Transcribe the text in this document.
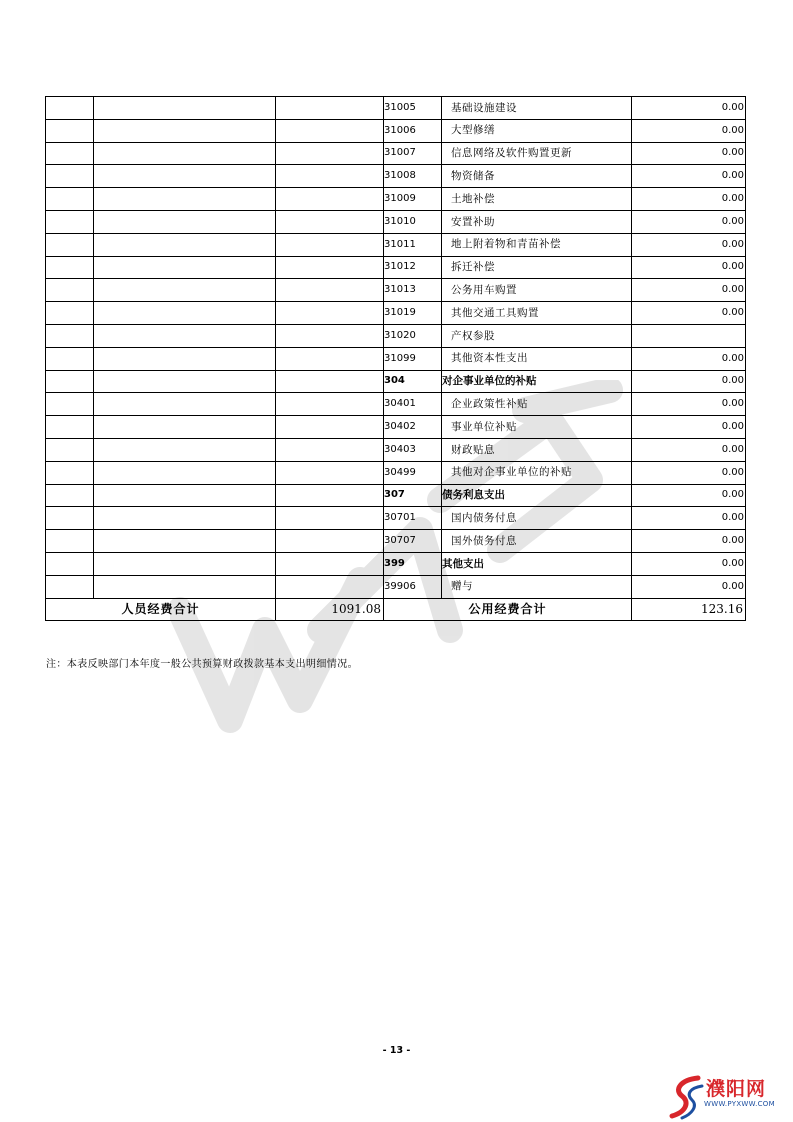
			31005	基础设施建设	0.00
			31006	大型修缮	0.00
			31007	信息网络及软件购置更新	0.00
			31008	物资储备	0.00
			31009	土地补偿	0.00
			31010	安置补助	0.00
			31011	地上附着物和青苗补偿	0.00
			31012	拆迁补偿	0.00
			31013	公务用车购置	0.00
			31019	其他交通工具购置	0.00
			31020	产权参股	
			31099	其他资本性支出	0.00
			304	对企事业单位的补贴	0.00
			30401	企业政策性补贴	0.00
			30402	事业单位补贴	0.00
			30403	财政贴息	0.00
			30499	其他对企事业单位的补贴	0.00
			307	债务利息支出	0.00
			30701	国内债务付息	0.00
			30707	国外债务付息	0.00
			399	其他支出	0.00
			39906	赠与	0.00
人员经费合计		1091.08	公用经费合计		123.16
注：本表反映部门本年度一般公共预算财政拨款基本支出明细情况。
- 13 -
濮阳网
WWW.PYXWW.COM
